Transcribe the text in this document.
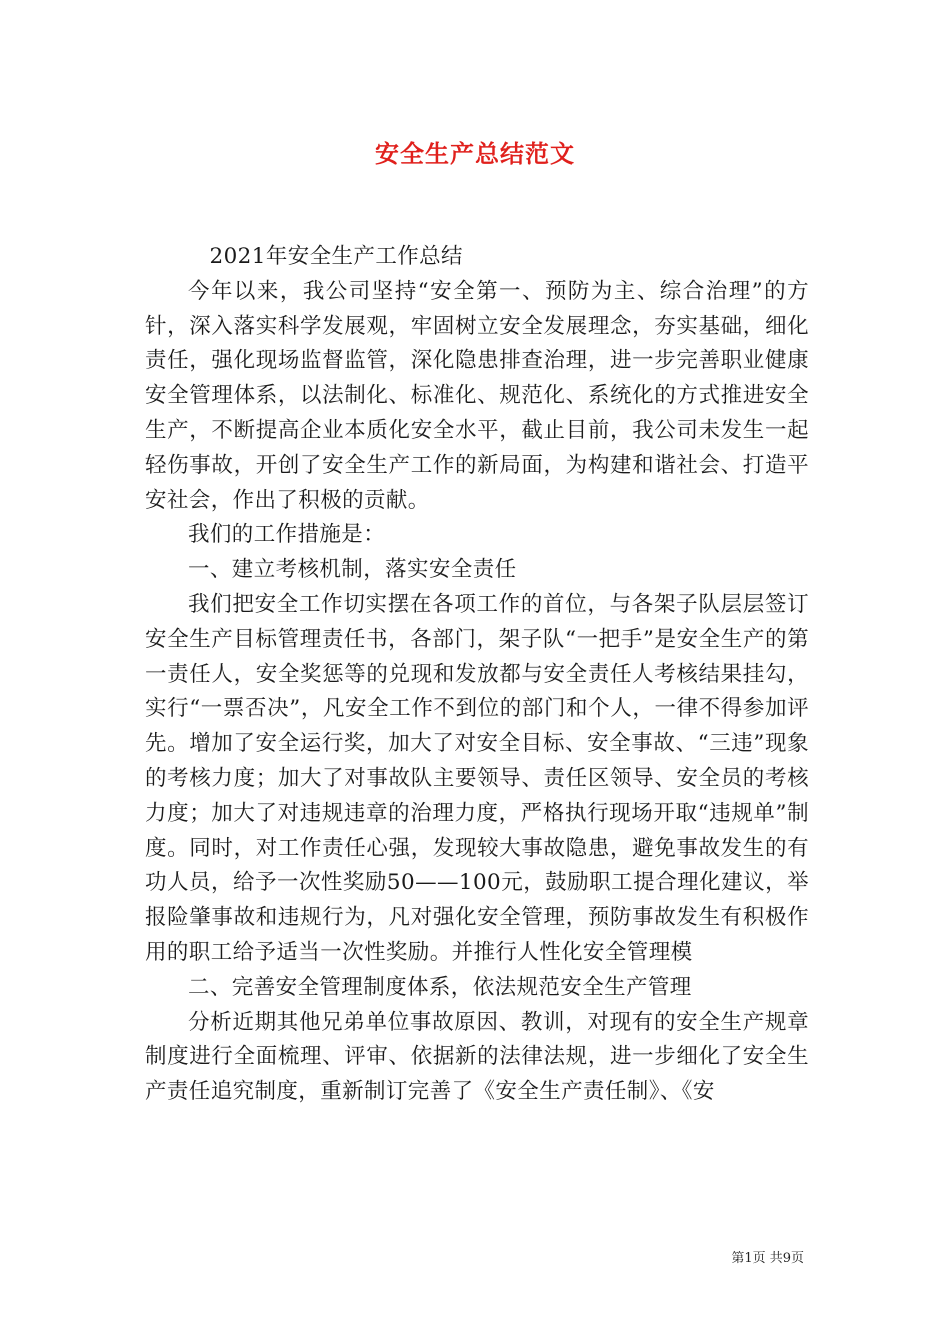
安全生产总结范文

2021年安全生产工作总结

今年以来，我公司坚持“安全第一、预防为主、综合治理”的方针，深入落实科学发展观，牢固树立安全发展理念，夯实基础，细化责任，强化现场监督监管，深化隐患排查治理，进一步完善职业健康安全管理体系，以法制化、标准化、规范化、系统化的方式推进安全生产，不断提高企业本质化安全水平，截止目前，我公司未发生一起轻伤事故，开创了安全生产工作的新局面，为构建和谐社会、打造平安社会，作出了积极的贡献。

我们的工作措施是：

一、建立考核机制，落实安全责任

我们把安全工作切实摆在各项工作的首位，与各架子队层层签订安全生产目标管理责任书，各部门，架子队“一把手”是安全生产的第一责任人，安全奖惩等的兑现和发放都与安全责任人考核结果挂勾，实行“一票否决”，凡安全工作不到位的部门和个人，一律不得参加评先。增加了安全运行奖，加大了对安全目标、安全事故、“三违”现象的考核力度；加大了对事故队主要领导、责任区领导、安全员的考核力度；加大了对违规违章的治理力度，严格执行现场开取“违规单”制度。同时，对工作责任心强，发现较大事故隐患，避免事故发生的有功人员，给予一次性奖励50——100元，鼓励职工提合理化建议，举报险肇事故和违规行为，凡对强化安全管理，预防事故发生有积极作用的职工给予适当一次性奖励。并推行人性化安全管理模

二、完善安全管理制度体系，依法规范安全生产管理

分析近期其他兄弟单位事故原因、教训，对现有的安全生产规章制度进行全面梳理、评审、依据新的法律法规，进一步细化了安全生产责任追究制度，重新制订完善了《安全生产责任制》、《安

第1页 共9页
